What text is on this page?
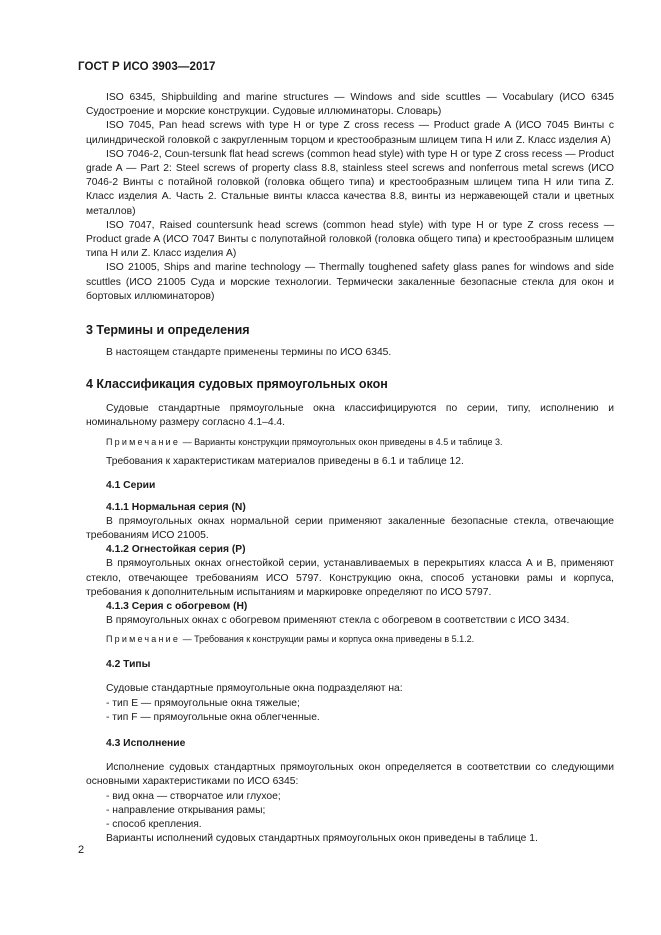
ГОСТ Р ИСО 3903—2017

ISO 6345, Shipbuilding and marine structures — Windows and side scuttles — Vocabulary (ИСО 6345 Судостроение и морские конструкции. Судовые иллюминаторы. Словарь)

ISO 7045, Pan head screws with type H or type Z cross recess — Product grade A (ИСО 7045 Винты с цилиндрической головкой с закругленным торцом и крестообразным шлицем типа H или Z. Класс изделия A)

ISO 7046-2, Coun-tersunk flat head screws (common head style) with type H or type Z cross recess — Product grade A — Part 2: Steel screws of property class 8.8, stainless steel screws and nonferrous metal screws (ИСО 7046-2 Винты с потайной головкой (головка общего типа) и крестообразным шлицем типа H или типа Z. Класс изделия A. Часть 2. Стальные винты класса качества 8.8, винты из нержавеющей стали и цветных металлов)

ISO 7047, Raised countersunk head screws (common head style) with type H or type Z cross recess — Product grade A (ИСО 7047 Винты с полупотайной головкой (головка общего типа) и крестообразным шлицем типа H или Z. Класс изделия A)

ISO 21005, Ships and marine technology — Thermally toughened safety glass panes for windows and side scuttles (ИСО 21005 Суда и морские технологии. Термически закаленные безопасные стекла для окон и бортовых иллюминаторов)

3 Термины и определения

В настоящем стандарте применены термины по ИСО 6345.

4 Классификация судовых прямоугольных окон

Судовые стандартные прямоугольные окна классифицируются по серии, типу, исполнению и номинальному размеру согласно 4.1–4.4.

Примечание — Варианты конструкции прямоугольных окон приведены в 4.5 и таблице 3.

Требования к характеристикам материалов приведены в 6.1 и таблице 12.

4.1 Серии
4.1.1 Нормальная серия (N)

В прямоугольных окнах нормальной серии применяют закаленные безопасные стекла, отвечающие требованиям ИСО 21005.

4.1.2 Огнестойкая серия (P)

В прямоугольных окнах огнестойкой серии, устанавливаемых в перекрытиях класса A и B, применяют стекло, отвечающее требованиям ИСО 5797. Конструкцию окна, способ установки рамы и корпуса, требования к дополнительным испытаниям и маркировке определяют по ИСО 5797.

4.1.3 Серия с обогревом (H)

В прямоугольных окнах с обогревом применяют стекла с обогревом в соответствии с ИСО 3434.

Примечание — Требования к конструкции рамы и корпуса окна приведены в 5.1.2.

4.2 Типы

Судовые стандартные прямоугольные окна подразделяют на:

- тип E — прямоугольные окна тяжелые;

- тип F — прямоугольные окна облегченные.

4.3 Исполнение

Исполнение судовых стандартных прямоугольных окон определяется в соответствии со следующими основными характеристиками по ИСО 6345:

- вид окна — створчатое или глухое;

- направление открывания рамы;

- способ крепления.

Варианты исполнений судовых стандартных прямоугольных окон приведены в таблице 1.

2
